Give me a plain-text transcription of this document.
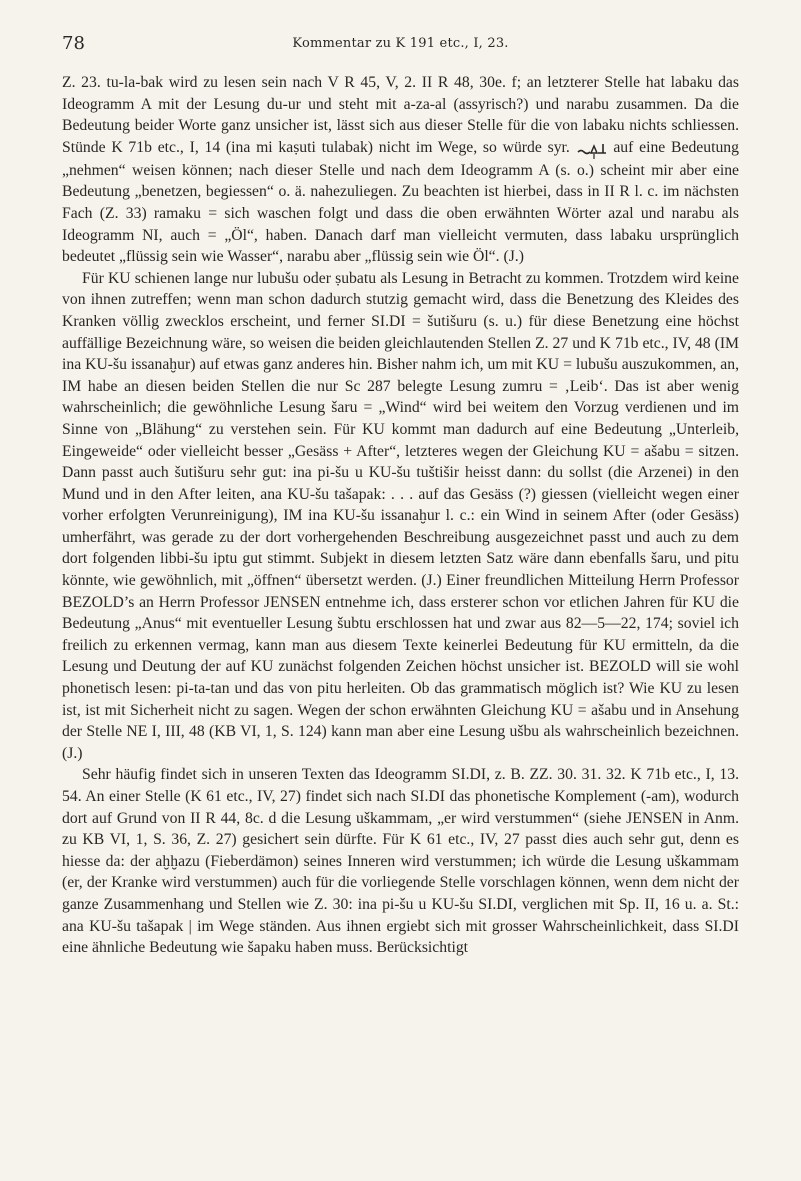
78	Kommentar zu K 191 etc., I, 23.

Z. 23. tu-la-bak wird zu lesen sein nach V R 45, V, 2. II R 48, 30e. f; an letzterer Stelle hat labaku das Ideogramm A mit der Lesung du-ur und steht mit a-za-al (assyrisch?) und narabu zusammen. Da die Bedeutung beider Worte ganz unsicher ist, lässt sich aus dieser Stelle für die von labaku nichts schliessen. Stünde K 71b etc., I, 14 (ina mi kaṣuti tulabak) nicht im Wege, so würde syr.  auf eine Bedeutung „nehmen“ weisen können; nach dieser Stelle und nach dem Ideogramm A (s. o.) scheint mir aber eine Bedeutung „benetzen, begiessen“ o. ä. nahezuliegen. Zu beachten ist hierbei, dass in II R l. c. im nächsten Fach (Z. 33) ramaku = sich waschen folgt und dass die oben erwähnten Wörter azal und narabu als Ideogramm NI, auch = „Öl“, haben. Danach darf man vielleicht vermuten, dass labaku ursprünglich bedeutet „flüssig sein wie Wasser“, narabu aber „flüssig sein wie Öl“. (J.)

Für KU schienen lange nur lubušu oder ṣubatu als Lesung in Betracht zu kommen. Trotzdem wird keine von ihnen zutreffen; wenn man schon dadurch stutzig gemacht wird, dass die Benetzung des Kleides des Kranken völlig zwecklos erscheint, und ferner SI.DI = šutišuru (s. u.) für diese Benetzung eine höchst auffällige Bezeichnung wäre, so weisen die beiden gleichlautenden Stellen Z. 27 und K 71b etc., IV, 48 (IM ina KU-šu issanaḫur) auf etwas ganz anderes hin. Bisher nahm ich, um mit KU = lubušu auszukommen, an, IM habe an diesen beiden Stellen die nur Sc 287 belegte Lesung zumru = ‚Leib‘. Das ist aber wenig wahrscheinlich; die gewöhnliche Lesung šaru = „Wind“ wird bei weitem den Vorzug verdienen und im Sinne von „Blähung“ zu verstehen sein. Für KU kommt man dadurch auf eine Bedeutung „Unterleib, Eingeweide“ oder vielleicht besser „Gesäss + After“, letzteres wegen der Gleichung KU = ašabu = sitzen. Dann passt auch šutišuru sehr gut: ina pi-šu u KU-šu tuštišir heisst dann: du sollst (die Arzenei) in den Mund und in den After leiten, ana KU-šu tašapak: . . . auf das Gesäss (?) giessen (vielleicht wegen einer vorher erfolgten Verunreinigung), IM ina KU-šu issanaḫur l. c.: ein Wind in seinem After (oder Gesäss) umherfährt, was gerade zu der dort vorhergehenden Beschreibung ausgezeichnet passt und auch zu dem dort folgenden libbi-šu iptu gut stimmt. Subjekt in diesem letzten Satz wäre dann ebenfalls šaru, und pitu könnte, wie gewöhnlich, mit „öffnen“ übersetzt werden. (J.) Einer freundlichen Mitteilung Herrn Professor BEZOLD’s an Herrn Professor JENSEN entnehme ich, dass ersterer schon vor etlichen Jahren für KU die Bedeutung „Anus“ mit eventueller Lesung šubtu erschlossen hat und zwar aus 82—5—22, 174; soviel ich freilich zu erkennen vermag, kann man aus diesem Texte keinerlei Bedeutung für KU ermitteln, da die Lesung und Deutung der auf KU zunächst folgenden Zeichen höchst unsicher ist. BEZOLD will sie wohl phonetisch lesen: pi-ta-tan und das von pitu herleiten. Ob das grammatisch möglich ist? Wie KU zu lesen ist, ist mit Sicherheit nicht zu sagen. Wegen der schon erwähnten Gleichung KU = ašabu und in Ansehung der Stelle NE I, III, 48 (KB VI, 1, S. 124) kann man aber eine Lesung ušbu als wahrscheinlich bezeichnen. (J.)

Sehr häufig findet sich in unseren Texten das Ideogramm SI.DI, z. B. ZZ. 30. 31. 32. K 71b etc., I, 13. 54. An einer Stelle (K 61 etc., IV, 27) findet sich nach SI.DI das phonetische Komplement (-am), wodurch dort auf Grund von II R 44, 8c. d die Lesung uškammam, „er wird verstummen“ (siehe JENSEN in Anm. zu KB VI, 1, S. 36, Z. 27) gesichert sein dürfte. Für K 61 etc., IV, 27 passt dies auch sehr gut, denn es hiesse da: der aḫḫazu (Fieberdämon) seines Inneren wird verstummen; ich würde die Lesung uškammam (er, der Kranke wird verstummen) auch für die vorliegende Stelle vorschlagen können, wenn dem nicht der ganze Zusammenhang und Stellen wie Z. 30: ina pi-šu u KU-šu SI.DI, verglichen mit Sp. II, 16 u. a. St.: ana KU-šu tašapak | im Wege ständen. Aus ihnen ergiebt sich mit grosser Wahrscheinlichkeit, dass SI.DI eine ähnliche Bedeutung wie šapaku haben muss. Berücksichtigt
